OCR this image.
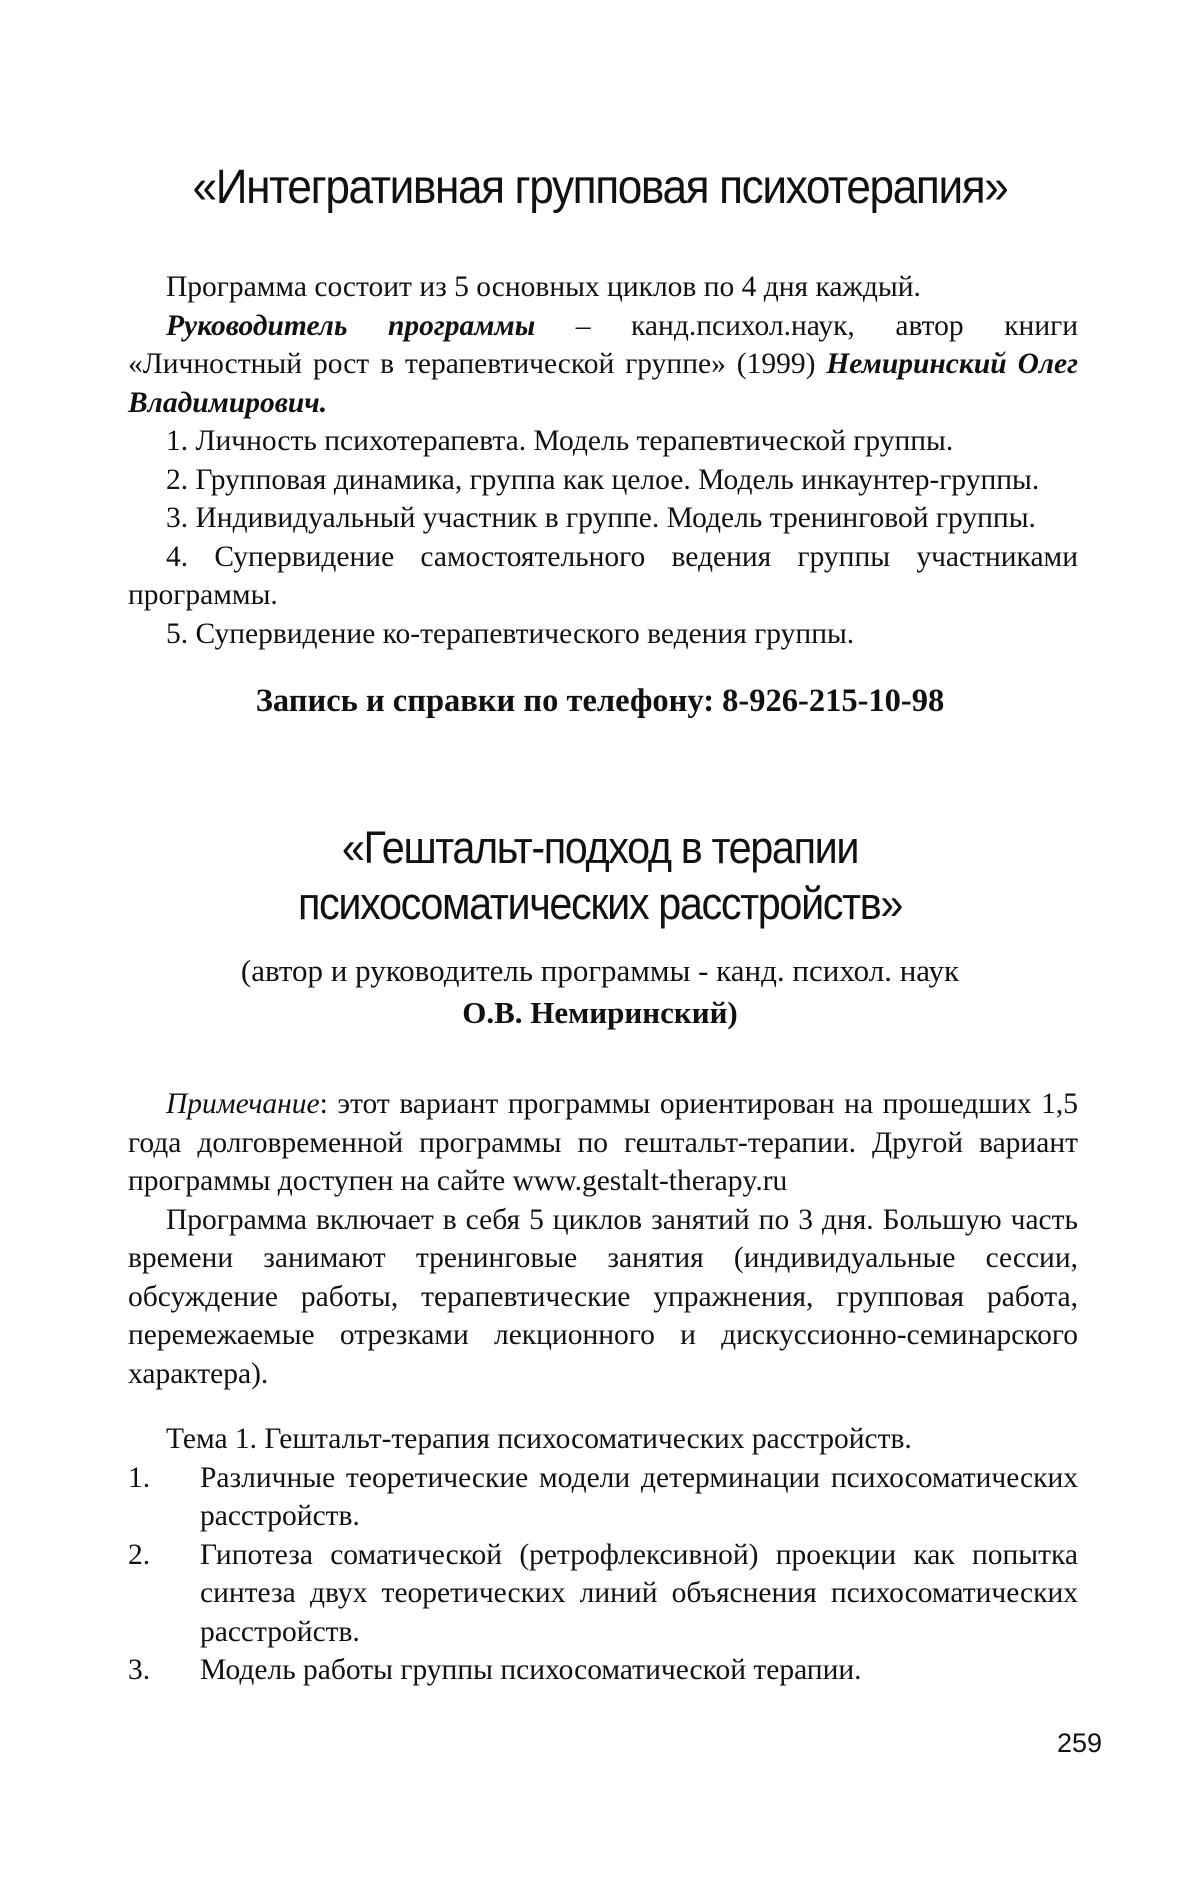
«Интегративная групповая психотерапия»

Программа состоит из 5 основных циклов по 4 дня каждый.

Руководитель программы – канд.психол.наук, автор книги «Личностный рост в терапевтической группе» (1999) Немиринский Олег Владимирович.

1. Личность психотерапевта. Модель терапевтической группы.

2. Групповая динамика, группа как целое. Модель инкаунтер-группы.

3. Индивидуальный участник в группе. Модель тренинговой группы.

4. Супервидение самостоятельного ведения группы участниками программы.

5. Супервидение ко-терапевтического ведения группы.

Запись и справки по телефону: 8-926-215-10-98
«Гештальт-подход в терапии
психосоматических расстройств»
(автор и руководитель программы - канд. психол. наук
О.В. Немиринский)

Примечание: этот вариант программы ориентирован на прошедших 1,5 года долговременной программы по гештальт-терапии. Другой вариант программы доступен на сайте www.gestalt-therapy.ru

Программа включает в себя 5 циклов занятий по 3 дня. Большую часть времени занимают тренинговые занятия (индивидуальные сессии, обсуждение работы, терапевтические упражнения, групповая работа, перемежаемые отрезками лекционного и дискуссионно-семинарского характера).

Тема 1. Гештальт-терапия психосоматических расстройств.

1. Различные теоретические модели детерминации психосоматических расстройств.
2. Гипотеза соматической (ретрофлексивной) проекции как попытка синтеза двух теоретических линий объяснения психосоматических расстройств.
3. Модель работы группы психосоматической терапии.
259
